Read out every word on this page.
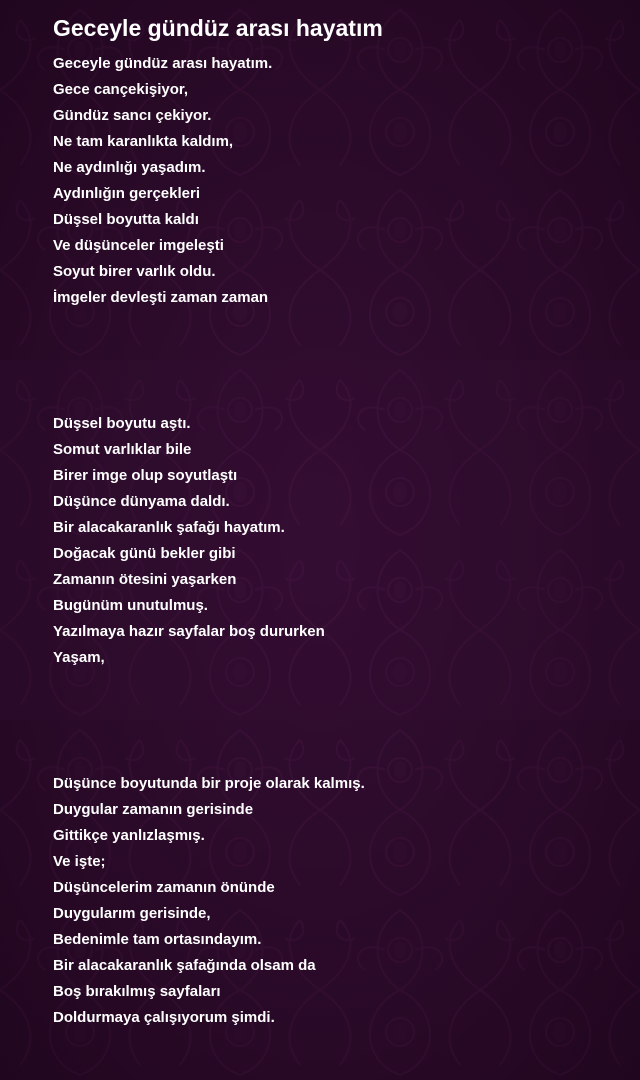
Geceyle gündüz arası hayatım
Geceyle gündüz arası hayatım.
Gece cançekişiyor,
Gündüz sancı çekiyor.
Ne tam karanlıkta kaldım,
Ne aydınlığı yaşadım.
Aydınlığın gerçekleri
Düşsel boyutta kaldı
Ve düşünceler imgeleşti
Soyut birer varlık oldu.
İmgeler devleşti zaman zaman
Düşsel boyutu aştı.
Somut varlıklar bile
Birer imge olup soyutlaştı
Düşünce dünyama daldı.
Bir alacakaranlık şafağı hayatım.
Doğacak günü bekler gibi
Zamanın ötesini yaşarken
Bugünüm unutulmuş.
Yazılmaya hazır sayfalar boş dururken
Yaşam,
Düşünce boyutunda bir proje olarak kalmış.
Duygular zamanın gerisinde
Gittikçe yanlızlaşmış.
Ve işte;
Düşüncelerim zamanın önünde
Duygularım gerisinde,
Bedenimle tam ortasındayım.
Bir alacakaranlık şafağında olsam da
Boş bırakılmış sayfaları
Doldurmaya çalışıyorum şimdi.
